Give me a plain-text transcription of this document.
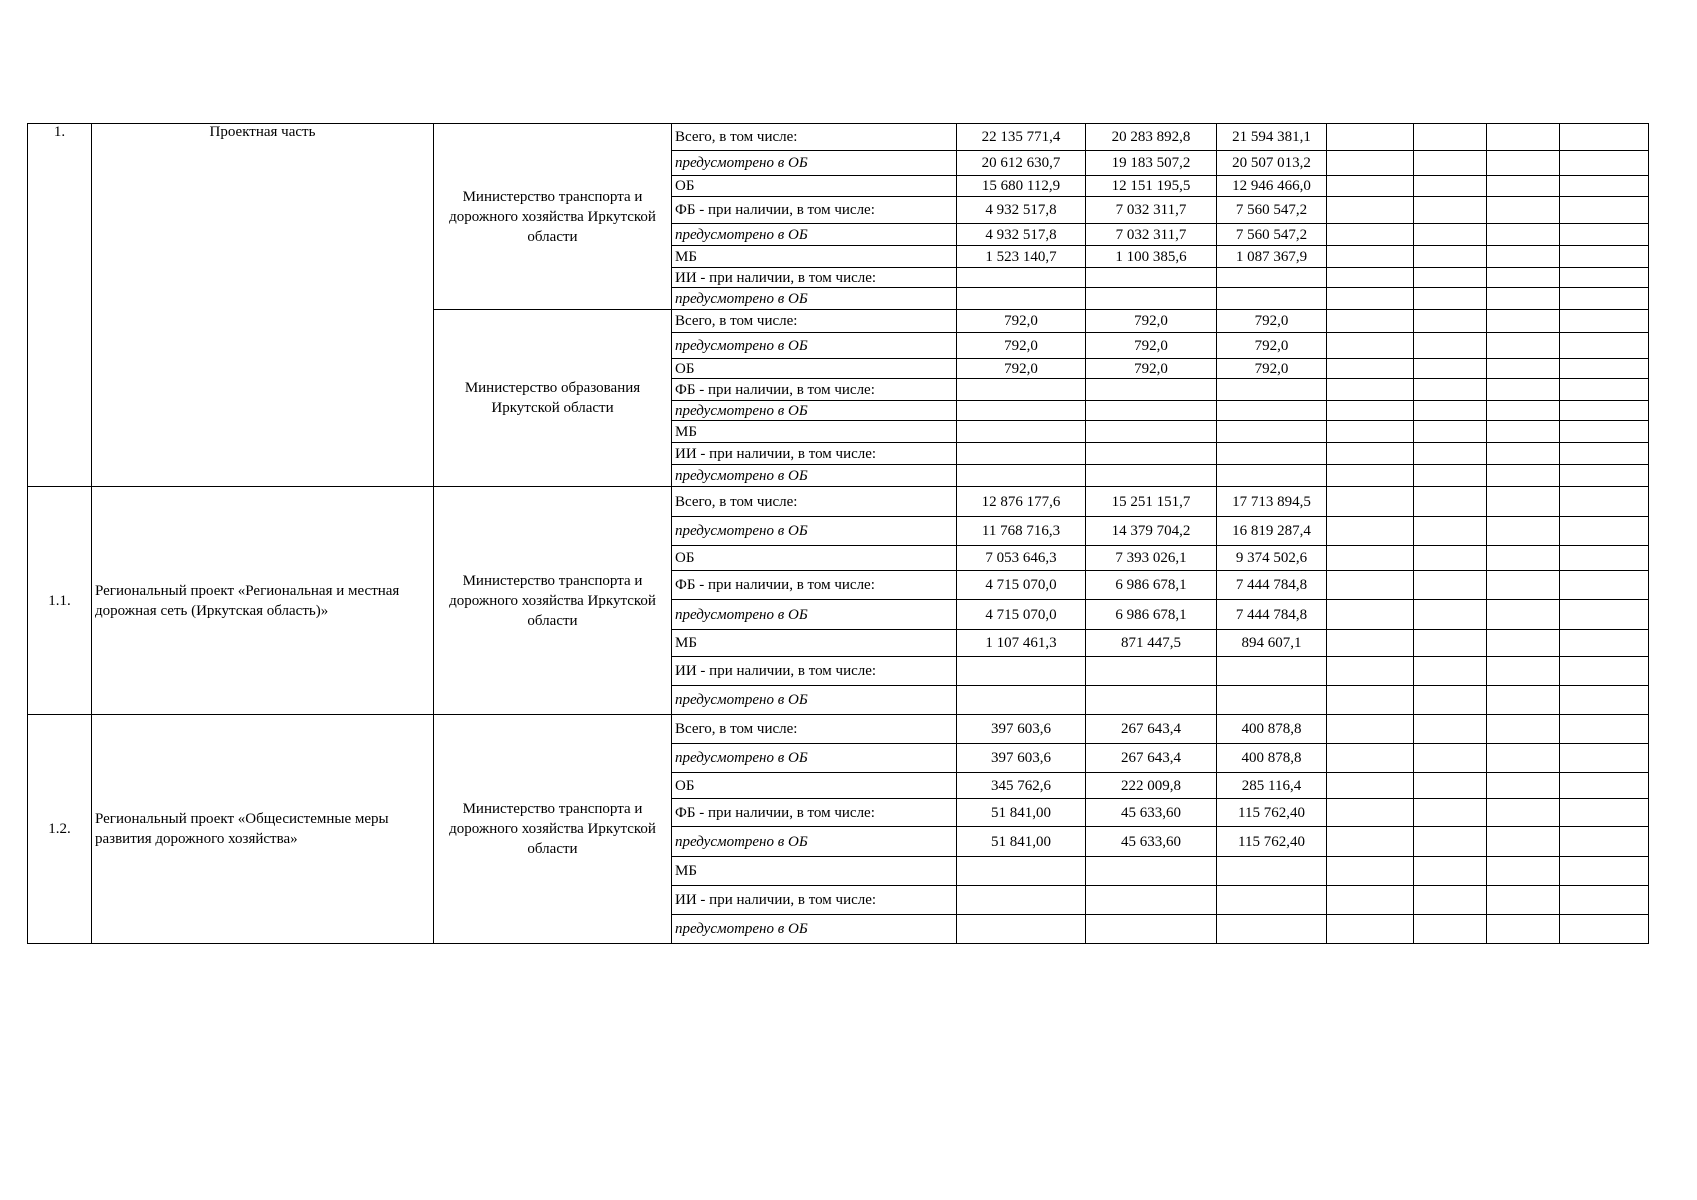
1.	Проектная часть	Министерство транспорта и дорожного хозяйства Иркутской области	Всего, в том числе:	22 135 771,4	20 283 892,8	21 594 381,1				
			предусмотрено в ОБ	20 612 630,7	19 183 507,2	20 507 013,2				
			ОБ	15 680 112,9	12 151 195,5	12 946 466,0				
			ФБ - при наличии, в том числе:	4 932 517,8	7 032 311,7	7 560 547,2				
			предусмотрено в ОБ	4 932 517,8	7 032 311,7	7 560 547,2				
			МБ	1 523 140,7	1 100 385,6	1 087 367,9				
			ИИ - при наличии, в том числе:							
			предусмотрено в ОБ							
		Министерство образования Иркутской области	Всего, в том числе:	792,0	792,0	792,0				
			предусмотрено в ОБ	792,0	792,0	792,0				
			ОБ	792,0	792,0	792,0				
			ФБ - при наличии, в том числе:							
			предусмотрено в ОБ							
			МБ							
			ИИ - при наличии, в том числе:							
			предусмотрено в ОБ							
1.1.	Региональный проект «Региональная и местная дорожная сеть (Иркутская область)»	Министерство транспорта и дорожного хозяйства Иркутской области	Всего, в том числе:	12 876 177,6	15 251 151,7	17 713 894,5				
			предусмотрено в ОБ	11 768 716,3	14 379 704,2	16 819 287,4				
			ОБ	7 053 646,3	7 393 026,1	9 374 502,6				
			ФБ - при наличии, в том числе:	4 715 070,0	6 986 678,1	7 444 784,8				
			предусмотрено в ОБ	4 715 070,0	6 986 678,1	7 444 784,8				
			МБ	1 107 461,3	871 447,5	894 607,1				
			ИИ - при наличии, в том числе:							
			предусмотрено в ОБ							
1.2.	Региональный проект «Общесистемные меры развития дорожного хозяйства»	Министерство транспорта и дорожного хозяйства Иркутской области	Всего, в том числе:	397 603,6	267 643,4	400 878,8				
			предусмотрено в ОБ	397 603,6	267 643,4	400 878,8				
			ОБ	345 762,6	222 009,8	285 116,4				
			ФБ - при наличии, в том числе:	51 841,00	45 633,60	115 762,40				
			предусмотрено в ОБ	51 841,00	45 633,60	115 762,40				
			МБ							
			ИИ - при наличии, в том числе:							
			предусмотрено в ОБ							
